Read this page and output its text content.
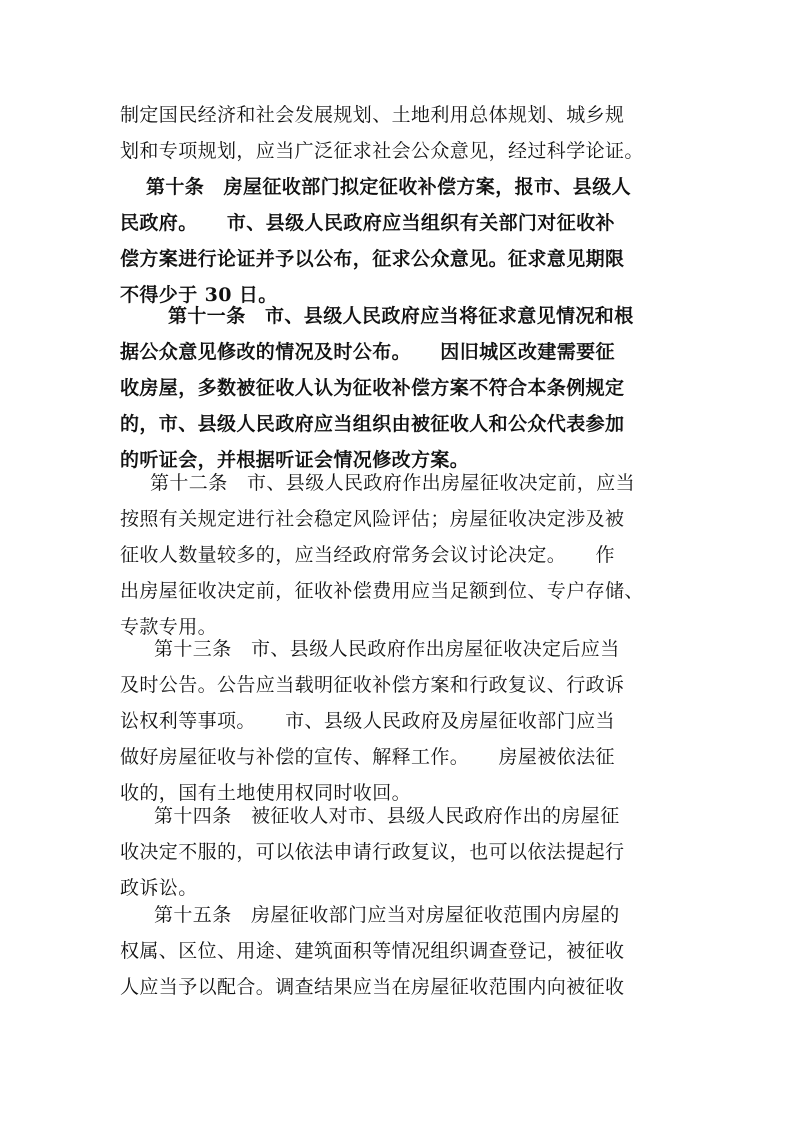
制定国民经济和社会发展规划、土地利用总体规划、城乡规
划和专项规划，应当广泛征求社会公众意见，经过科学论证。
第十条　房屋征收部门拟定征收补偿方案，报市、县级人
民政府。　　市、县级人民政府应当组织有关部门对征收补
偿方案进行论证并予以公布，征求公众意见。征求意见期限
不得少于 30 日。
第十一条　市、县级人民政府应当将征求意见情况和根
据公众意见修改的情况及时公布。　　因旧城区改建需要征
收房屋，多数被征收人认为征收补偿方案不符合本条例规定
的，市、县级人民政府应当组织由被征收人和公众代表参加
的听证会，并根据听证会情况修改方案。
第十二条　市、县级人民政府作出房屋征收决定前，应当
按照有关规定进行社会稳定风险评估；房屋征收决定涉及被
征收人数量较多的，应当经政府常务会议讨论决定。　　作
出房屋征收决定前，征收补偿费用应当足额到位、专户存储、
专款专用。
第十三条　市、县级人民政府作出房屋征收决定后应当
及时公告。公告应当载明征收补偿方案和行政复议、行政诉
讼权利等事项。　　市、县级人民政府及房屋征收部门应当
做好房屋征收与补偿的宣传、解释工作。　　房屋被依法征
收的，国有土地使用权同时收回。
第十四条　被征收人对市、县级人民政府作出的房屋征
收决定不服的，可以依法申请行政复议，也可以依法提起行
政诉讼。
第十五条　房屋征收部门应当对房屋征收范围内房屋的
权属、区位、用途、建筑面积等情况组织调查登记，被征收
人应当予以配合。调查结果应当在房屋征收范围内向被征收
